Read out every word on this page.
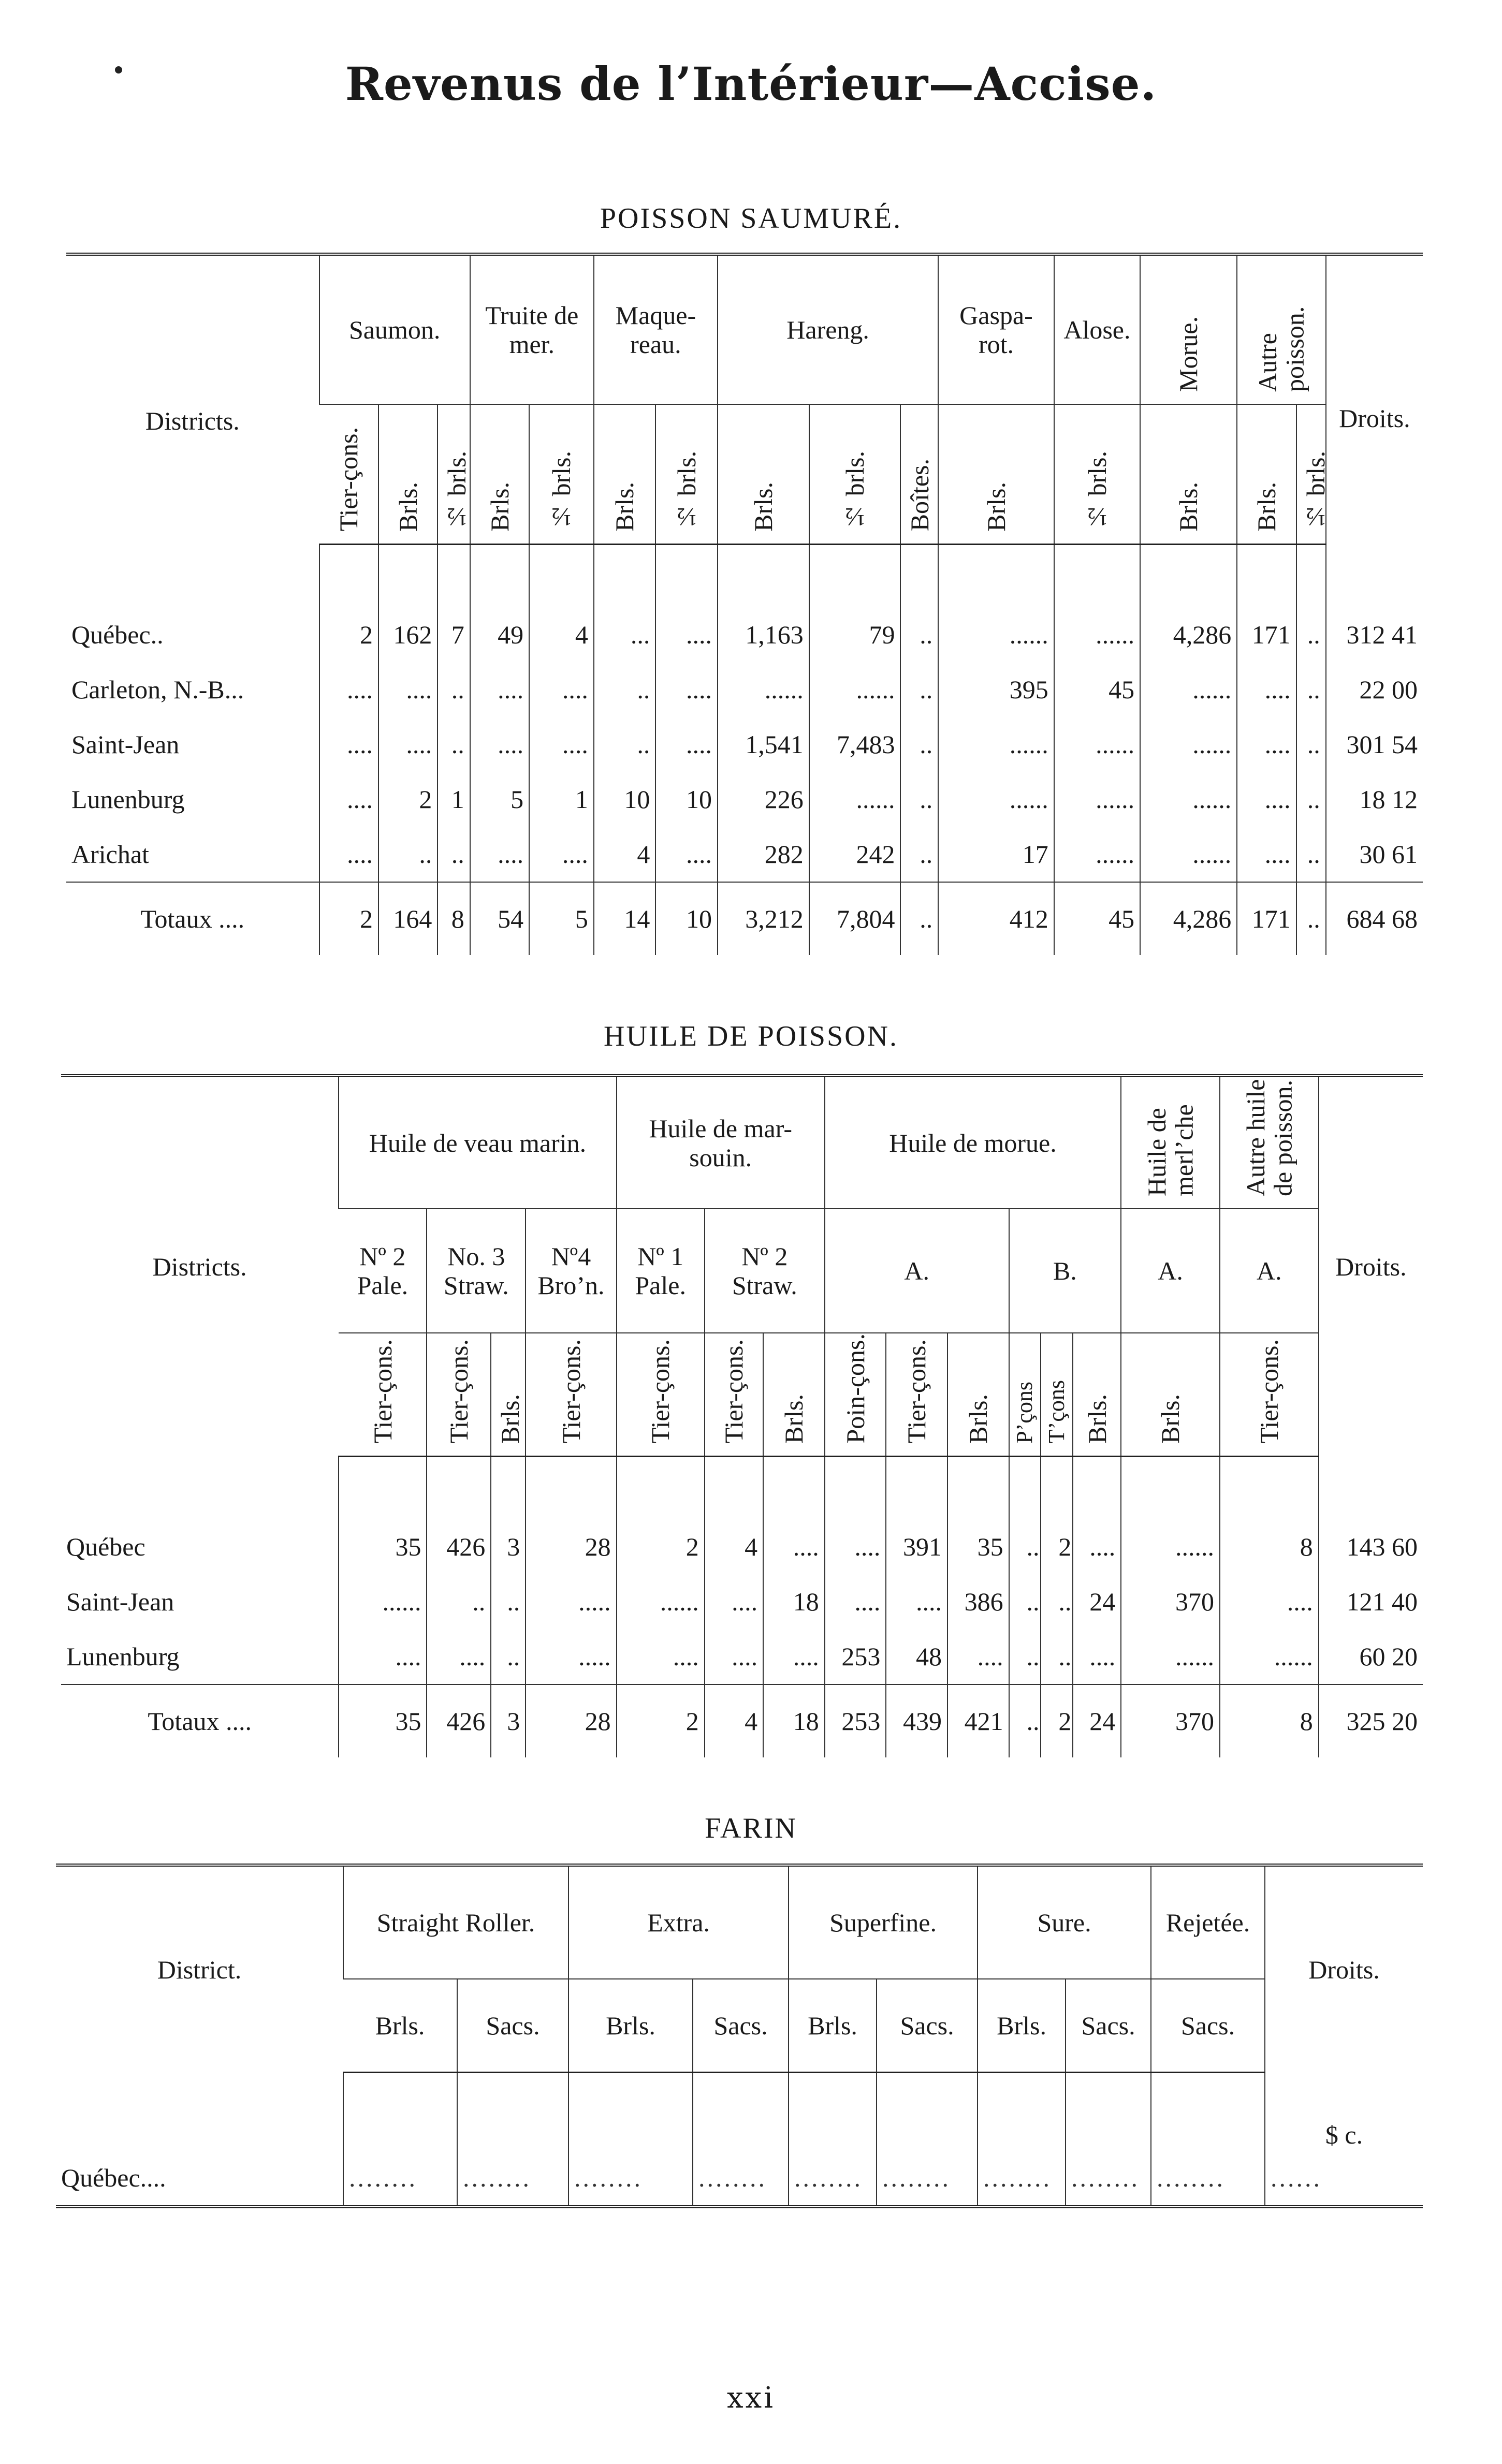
Revenus de l’Intérieur—Accise.
POISSON SAUMURÉ.
Districts.	Saumon.			Truite de mer.		Maque-reau.		Hareng.			Gaspa-rot.	Alose.	Morue.	Autre poisson.		Droits.
	Tier-çons.	Brls.	½ brls.	Brls.	½ brls.	Brls.	½ brls.	Brls.	½ brls.	Boîtes.	Brls.	½ brls.	Brls.	Brls.	½ brls.	

Québec..	2	162	7	49	4	...	....	1,163	79	..	......	......	4,286	171	..	312 41
Carleton, N.-B...	....	....	..	....	....	..	....	......	......	..	395	45	......	....	..	22 00
Saint-Jean	....	....	..	....	....	..	....	1,541	7,483	..	......	......	......	....	..	301 54
Lunenburg	....	2	1	5	1	10	10	226	......	..	......	......	......	....	..	18 12
Arichat	....	..	..	....	....	4	....	282	242	..	17	......	......	....	..	30 61
Totaux ....	2	164	8	54	5	14	10	3,212	7,804	..	412	45	4,286	171	..	684 68
HUILE DE POISSON.
Districts.	Huile de veau marin.				Huile de mar-souin.			Huile de morue.						Huile de merl’che	Autre huile de poisson.	Droits.
	Nº 2 Pale.	No. 3 Straw.		Nº4 Bro’n.	Nº 1 Pale.	Nº 2 Straw.		A.			B.			A.	A.	
	Tier-çons.	Tier-çons.	Brls.	Tier-çons.	Tier-çons.	Tier-çons.	Brls.	Poin-çons.	Tier-çons.	Brls.	P’çons	T’çons	Brls.	Brls.	Tier-çons.	

Québec	35	426	3	28	2	4	....	....	391	35	..	2	....	......	8	143 60
Saint-Jean	......	..	..	.....	......	....	18	....	....	386	..	..	24	370	....	121 40
Lunenburg	....	....	..	.....	....	....	....	253	48	....	..	..	....	......	......	60 20
Totaux ....	35	426	3	28	2	4	18	253	439	421	..	2	24	370	8	325 20
FARIN
District.	Straight Roller.		Extra.		Superfine.		Sure.		Rejetée.	Droits.
	Brls.	Sacs.	Brls.	Sacs.	Brls.	Sacs.	Brls.	Sacs.	Sacs.	
										$ c.
Québec....	........	........	........	........	........	........	........	........	........	......
xxi
